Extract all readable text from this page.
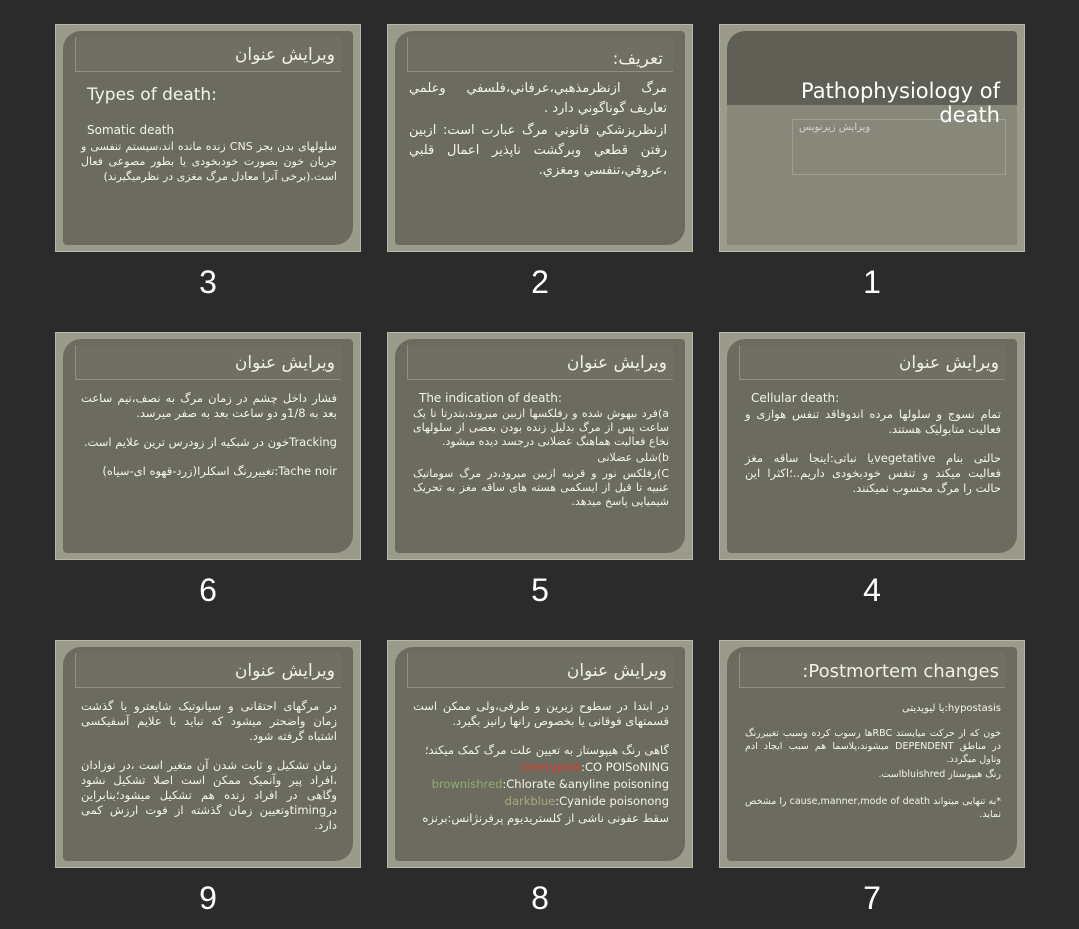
ويرايش زيرنويس
Pathophysiology of death
1
تعریف:

مرگ ازنظرمذهبي،عرفاني،فلسفي وعلمي تعاريف گوناگوني دارد .

ازنظرپزشكي قانوني مرگ عبارت است: ازبين رفتن قطعي وبرگشت ناپذير اعمال قلبي ،عروقي،تنفسي ومغزي.

2
ويرايش عنوان
Types of death:
Somatic death

سلولهای بدن بجز CNS زنده مانده اند،سیستم تنفسی و جریان خون بصورت خودبخودی یا بطور مصوعی فعال است.(برخی آنرا معادل مرگ مغزی در نظرمیگیرند)

3
ويرايش عنوان
Cellular death:

تمام نسوج و سلولها مرده اندوفاقد تنفس هوازی و فعالیت متابولیک هستند.

حالتی بنام vegetativeیا نباتی:اینجا ساقه مغز فعالیت میکند و تنفس خودبخودی داریم..؛اکثرا این حالت را مرگ محسوب نمیکنند.

4
ويرايش عنوان
The indication of death:

a)فرد بیهوش شده و رفلکسها ازبین میروند،بتدرتا تا یک ساعت پس از مرگ بدلیل زنده بودن بعضی از سلولهای نخاع فعالیت هماهنگ عضلانی درجسد دیده میشود.

b)شلی عضلانی

C)رفلکس نور و قرنیه ازبین میرود،در مرگ سوماتیک عنبیه تا قبل از ایسکمی هسته های ساقه مغز به تحریک شیمیایی پاسخ میدهد.

5
ويرايش عنوان

فشار داخل چشم در زمان مرگ به نصف،نیم ساعت بعد به 1/8و دو ساعت بعد به صفر میرسد.

Trackingخون در شبکیه از زودرس ترین علایم است.

Tache noir:تغییررنگ اسکلرا(زرد-قهوه ای-سیاه)

6
Postmortem changes:
hypostasis:یا لیویدیتی

خون که از حرکت میایستد RBCها رسوب کرده وسبب تغییررنگ در مناطق DEPENDENT میشوند،پلاسما هم سبب ایجاد ادم وتاول میگردد.

رنگ هیپوستاز bluishredاست.

*به تنهایی میتواند cause,manner,mode of death را مشخص نماید.

7
ويرايش عنوان

در ابتدا در سطوح زیرین و طرفی،ولی ممکن است قسمتهای فوقانی یا بخصوص رانها رانیز بگیرد.

گاهی رنگ هیپوستاز به تعیین علت مرگ کمک میکند؛

cherrypink:CO POISoNING

brownishred:Chlorate &anyline poisoning

darkblue:Cyanide poisonong

سقط عفونی ناشی از کلستریدیوم پرفرنژانس:برنزه

8
ويرايش عنوان

در مرگهای احتقانی و سیانوتیک شایعترو با گذشت زمان واضحتر میشود که نباید با علایم آسفیکسی اشتباه گرفته شود.

زمان تشکیل و ثابت شدن آن متغیر است ،در نوزادان ،افراد پیر وآنمیک ممکن است اصلا تشکیل نشود وگاهی در افراد زنده هم تشکیل میشود؛بنابراین درtimingوتعیین زمان گذشته از فوت ارزش کمی دارد.

9
